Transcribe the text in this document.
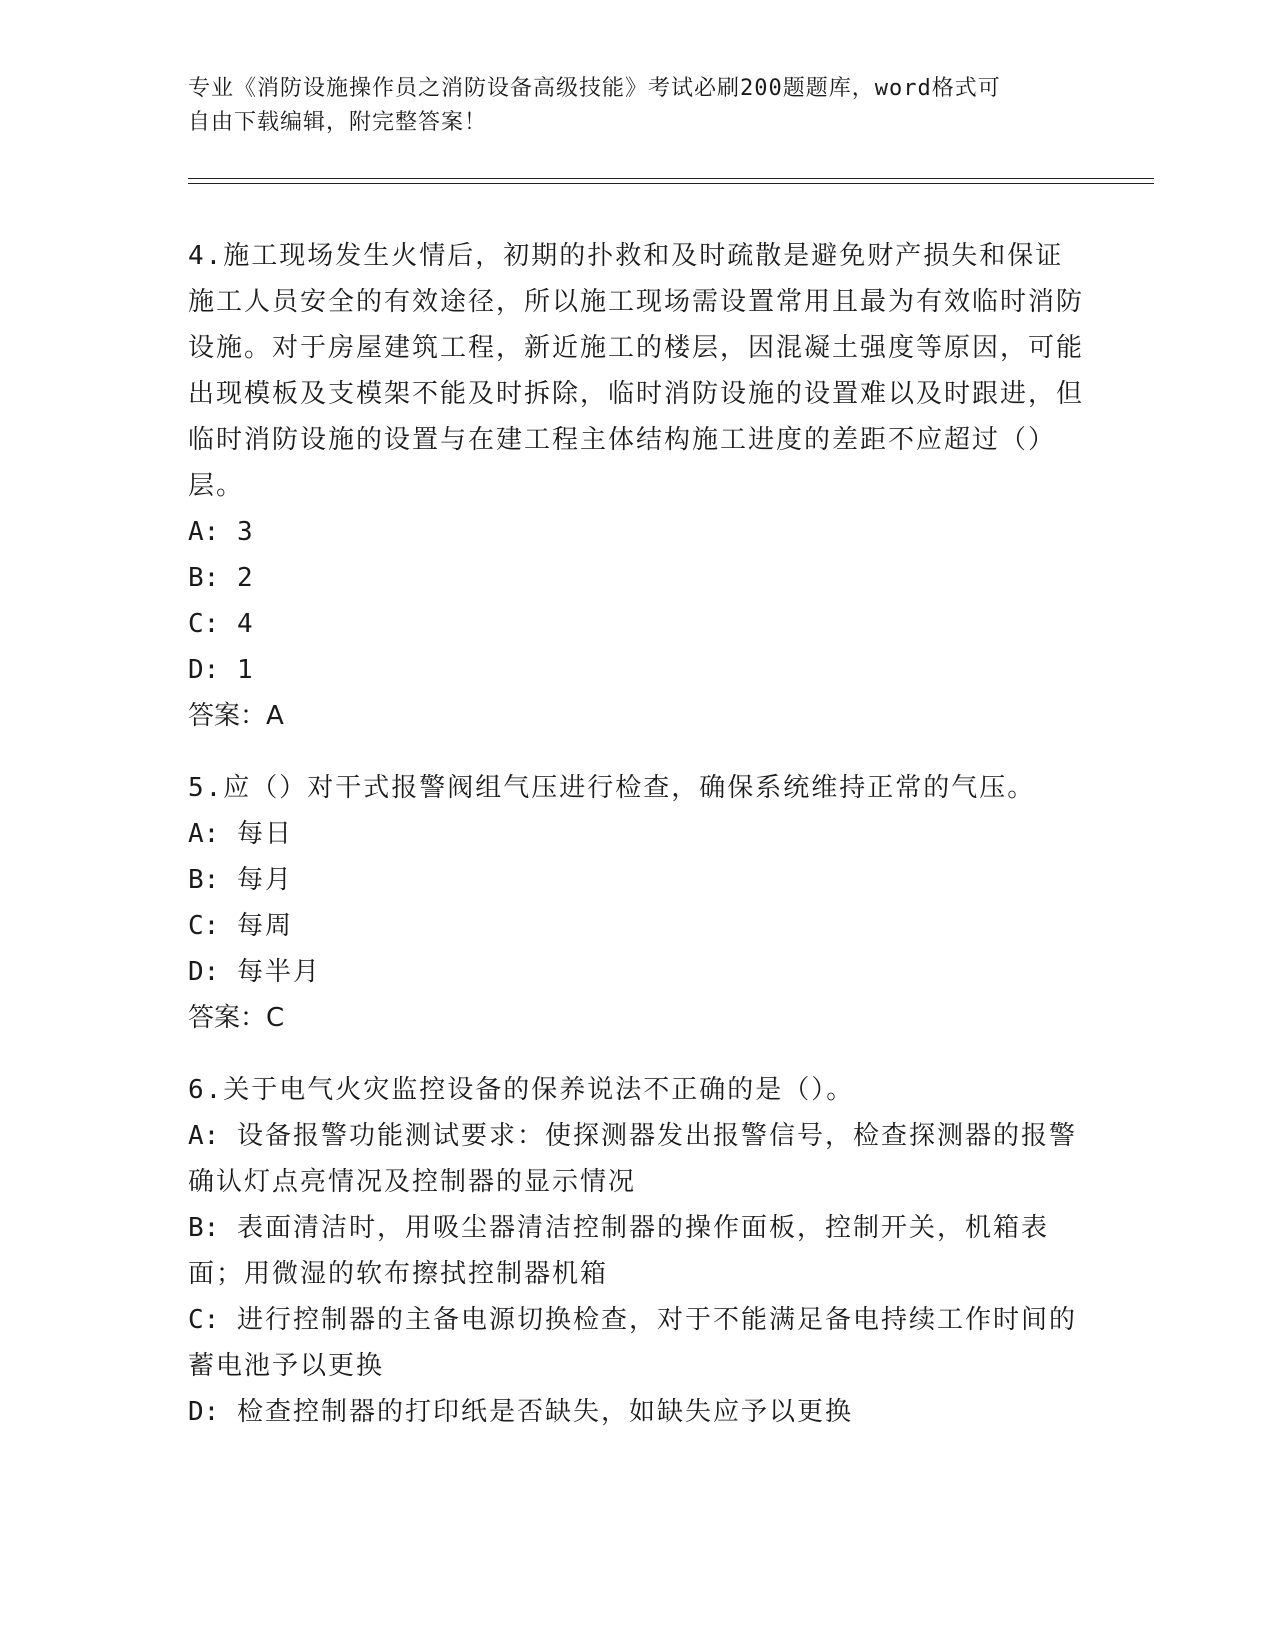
专业《消防设施操作员之消防设备高级技能》考试必刷200题题库，word格式可
自由下载编辑，附完整答案！

4.施工现场发生火情后，初期的扑救和及时疏散是避免财产损失和保证施工人员安全的有效途径，所以施工现场需设置常用且最为有效临时消防设施。对于房屋建筑工程，新近施工的楼层，因混凝土强度等原因，可能出现模板及支模架不能及时拆除，临时消防设施的设置难以及时跟进，但临时消防设施的设置与在建工程主体结构施工进度的差距不应超过（）层。

A: 3

B: 2

C: 4

D: 1

答案：A

5.应（）对干式报警阀组气压进行检查，确保系统维持正常的气压。

A: 每日

B: 每月

C: 每周

D: 每半月

答案：C

6.关于电气火灾监控设备的保养说法不正确的是（）。

A: 设备报警功能测试要求：使探测器发出报警信号，检查探测器的报警确认灯点亮情况及控制器的显示情况

B: 表面清洁时，用吸尘器清洁控制器的操作面板，控制开关，机箱表面；用微湿的软布擦拭控制器机箱

C: 进行控制器的主备电源切换检查，对于不能满足备电持续工作时间的蓄电池予以更换

D: 检查控制器的打印纸是否缺失，如缺失应予以更换
